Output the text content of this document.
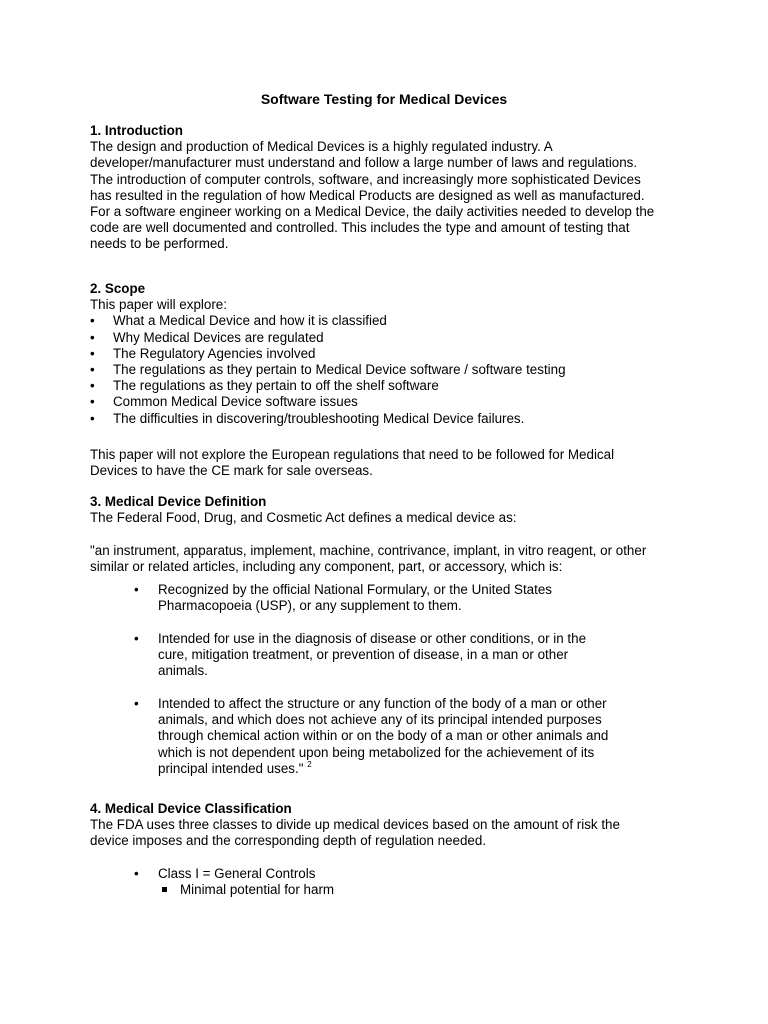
Software Testing for Medical Devices

1. Introduction

The design and production of Medical Devices is a highly regulated industry. A

developer/manufacturer must understand and follow a large number of laws and regulations.

The introduction of computer controls, software, and increasingly more sophisticated Devices

has resulted in the regulation of how Medical Products are designed as well as manufactured.

For a software engineer working on a Medical Device, the daily activities needed to develop the

code are well documented and controlled. This includes the type and amount of testing that

needs to be performed.

2. Scope

This paper will explore:

• What a Medical Device and how it is classified
• Why Medical Devices are regulated
• The Regulatory Agencies involved
• The regulations as they pertain to Medical Device software / software testing
• The regulations as they pertain to off the shelf software
• Common Medical Device software issues
• The difficulties in discovering/troubleshooting Medical Device failures.

This paper will not explore the European regulations that need to be followed for Medical

Devices to have the CE mark for sale overseas.

3. Medical Device Definition

The Federal Food, Drug, and Cosmetic Act defines a medical device as:

"an instrument, apparatus, implement, machine, contrivance, implant, in vitro reagent, or other

similar or related articles, including any component, part, or accessory, which is:

• Recognized by the official National Formulary, or the United States
Pharmacopoeia (USP), or any supplement to them.
• Intended for use in the diagnosis of disease or other conditions, or in the
cure, mitigation treatment, or prevention of disease, in a man or other
animals.
• Intended to affect the structure or any function of the body of a man or other
animals, and which does not achieve any of its principal intended purposes
through chemical action within or on the body of a man or other animals and
which is not dependent upon being metabolized for the achievement of its
principal intended uses." $^2$

4. Medical Device Classification

The FDA uses three classes to divide up medical devices based on the amount of risk the

device imposes and the corresponding depth of regulation needed.

• Class I = General Controls
Minimal potential for harm
